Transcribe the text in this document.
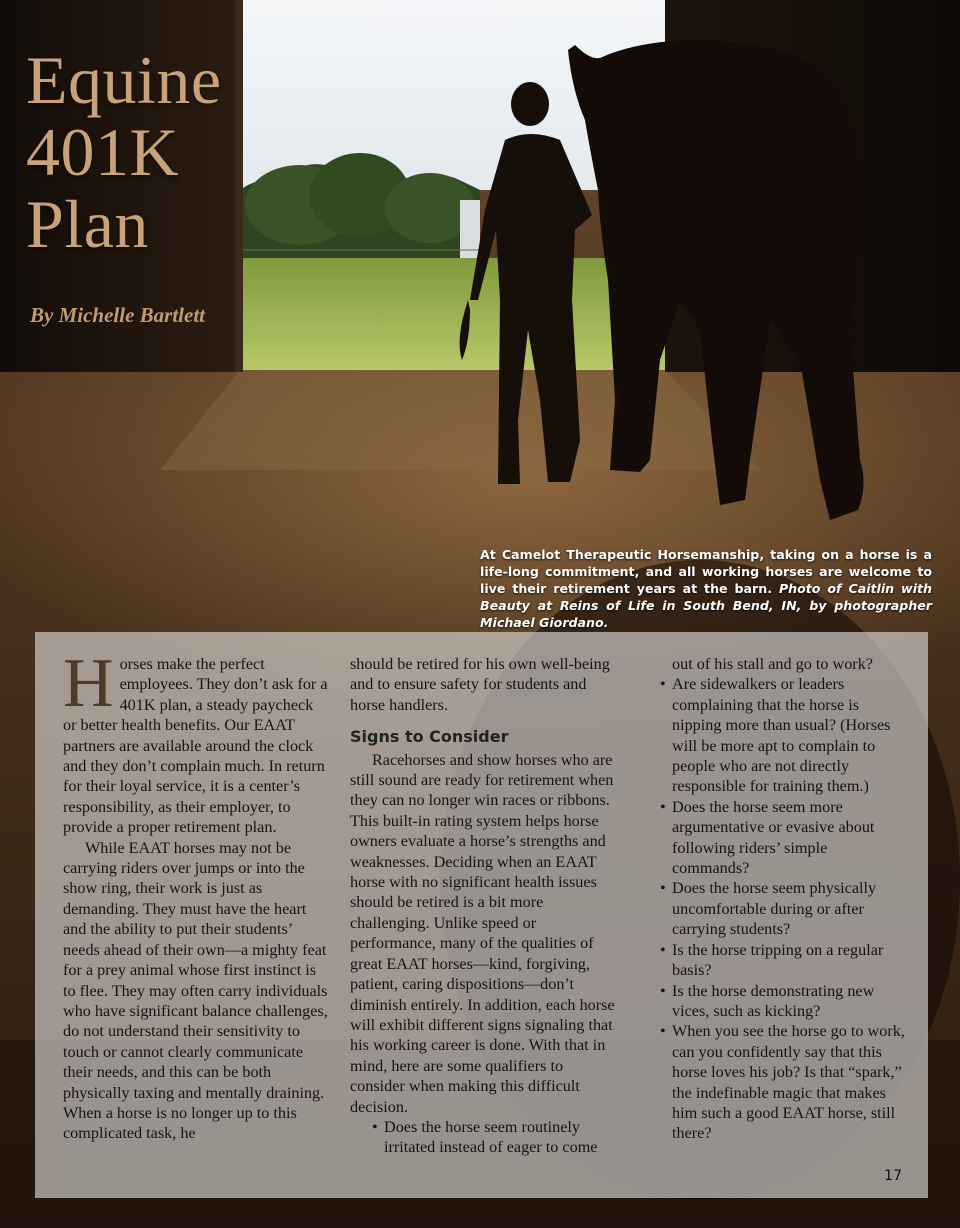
Equine
401K
Plan
By Michelle Bartlett
At Camelot Therapeutic Horsemanship, taking on a horse is a life-long commitment, and all working horses are welcome to live their retirement years at the barn. Photo of Caitlin with Beauty at Reins of Life in South Bend, IN, by photographer Michael Giordano.

Horses make the perfect employees. They don’t ask for a 401K plan, a steady paycheck or better health benefits. Our EAAT partners are available around the clock and they don’t complain much. In return for their loyal service, it is a center’s responsibility, as their employer, to provide a proper retirement plan.

While EAAT horses may not be carrying riders over jumps or into the show ring, their work is just as demanding. They must have the heart and the ability to put their students’ needs ahead of their own—a mighty feat for a prey animal whose first instinct is to flee. They may often carry individuals who have significant balance challenges, do not understand their sensitivity to touch or cannot clearly communicate their needs, and this can be both physically taxing and mentally draining. When a horse is no longer up to this complicated task, he

should be retired for his own well-being and to ensure safety for students and horse handlers.

Signs to Consider

Racehorses and show horses who are still sound are ready for retirement when they can no longer win races or ribbons. This built-in rating system helps horse owners evaluate a horse’s strengths and weaknesses. Deciding when an EAAT horse with no significant health issues should be retired is a bit more challenging. Unlike speed or performance, many of the qualities of great EAAT horses—kind, forgiving, patient, caring dispositions—don’t diminish entirely. In addition, each horse will exhibit different signs signaling that his working career is done. With that in mind, here are some qualifiers to consider when making this difficult decision.

• Does the horse seem routinely irritated instead of eager to come

out of his stall and go to work?

• Are sidewalkers or leaders complaining that the horse is nipping more than usual? (Horses will be more apt to complain to people who are not directly responsible for training them.)
• Does the horse seem more argumentative or evasive about following riders’ simple commands?
• Does the horse seem physically uncomfortable during or after carrying students?
• Is the horse tripping on a regular basis?
• Is the horse demonstrating new vices, such as kicking?
• When you see the horse go to work, can you confidently say that this horse loves his job? Is that “spark,” the indefinable magic that makes him such a good EAAT horse, still there?
17
